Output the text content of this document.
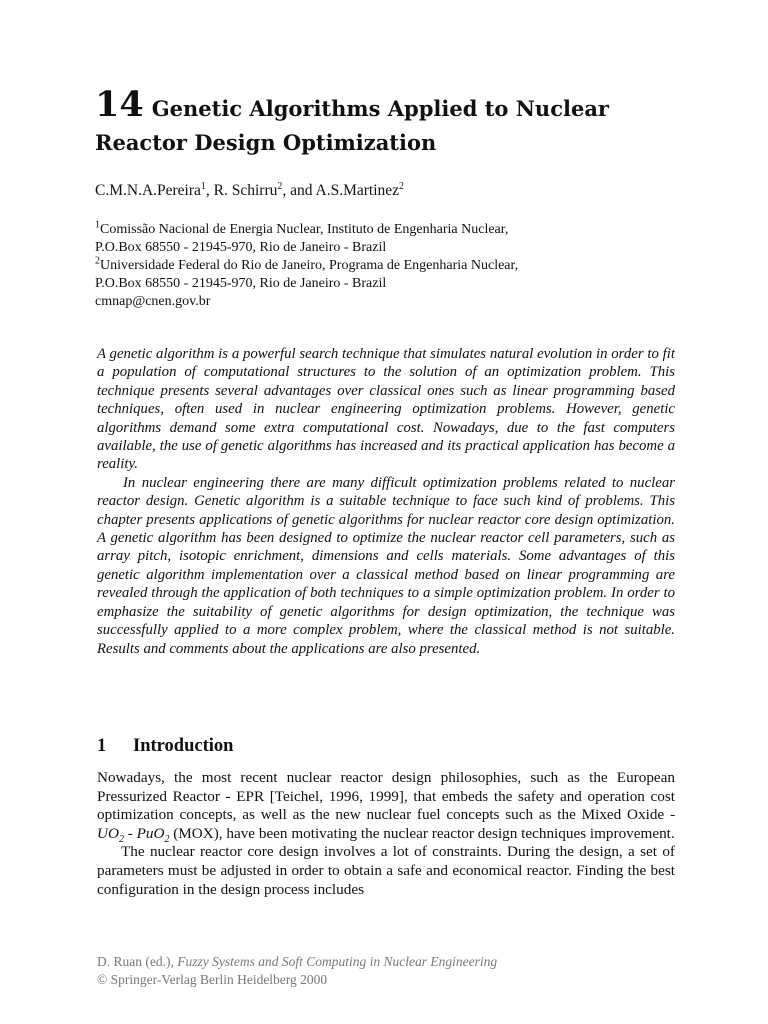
14 Genetic Algorithms Applied to Nuclear
Reactor Design Optimization
C.M.N.A.Pereira$^1$, R. Schirru$^2$, and A.S.Martinez$^2$
$^1$Comissão Nacional de Energia Nuclear, Instituto de Engenharia Nuclear,
P.O.Box 68550 - 21945-970, Rio de Janeiro - Brazil
$^2$Universidade Federal do Rio de Janeiro, Programa de Engenharia Nuclear,
P.O.Box 68550 - 21945-970, Rio de Janeiro - Brazil
cmnap@cnen.gov.br

A genetic algorithm is a powerful search technique that simulates natural evolution in order to fit a population of computational structures to the solution of an optimization problem. This technique presents several advantages over classical ones such as linear programming based techniques, often used in nuclear engineering optimization problems. However, genetic algorithms demand some extra computational cost. Nowadays, due to the fast computers available, the use of genetic algorithms has increased and its practical application has become a reality.

In nuclear engineering there are many difficult optimization problems related to nuclear reactor design. Genetic algorithm is a suitable technique to face such kind of problems. This chapter presents applications of genetic algorithms for nuclear reactor core design optimization. A genetic algorithm has been designed to optimize the nuclear reactor cell parameters, such as array pitch, isotopic enrichment, dimensions and cells materials. Some advantages of this genetic algorithm implementation over a classical method based on linear programming are revealed through the application of both techniques to a simple optimization problem. In order to emphasize the suitability of genetic algorithms for design optimization, the technique was successfully applied to a more complex problem, where the classical method is not suitable. Results and comments about the applications are also presented.

1 Introduction

Nowadays, the most recent nuclear reactor design philosophies, such as the European Pressurized Reactor - EPR [Teichel, 1996, 1999], that embeds the safety and operation cost optimization concepts, as well as the new nuclear fuel concepts such as the Mixed Oxide - $UO_2 - PuO_2$ (MOX), have been motivating the nuclear reactor design techniques improvement.

The nuclear reactor core design involves a lot of constraints. During the design, a set of parameters must be adjusted in order to obtain a safe and economical reactor. Finding the best configuration in the design process includes

D. Ruan (ed.), Fuzzy Systems and Soft Computing in Nuclear Engineering
© Springer-Verlag Berlin Heidelberg 2000
